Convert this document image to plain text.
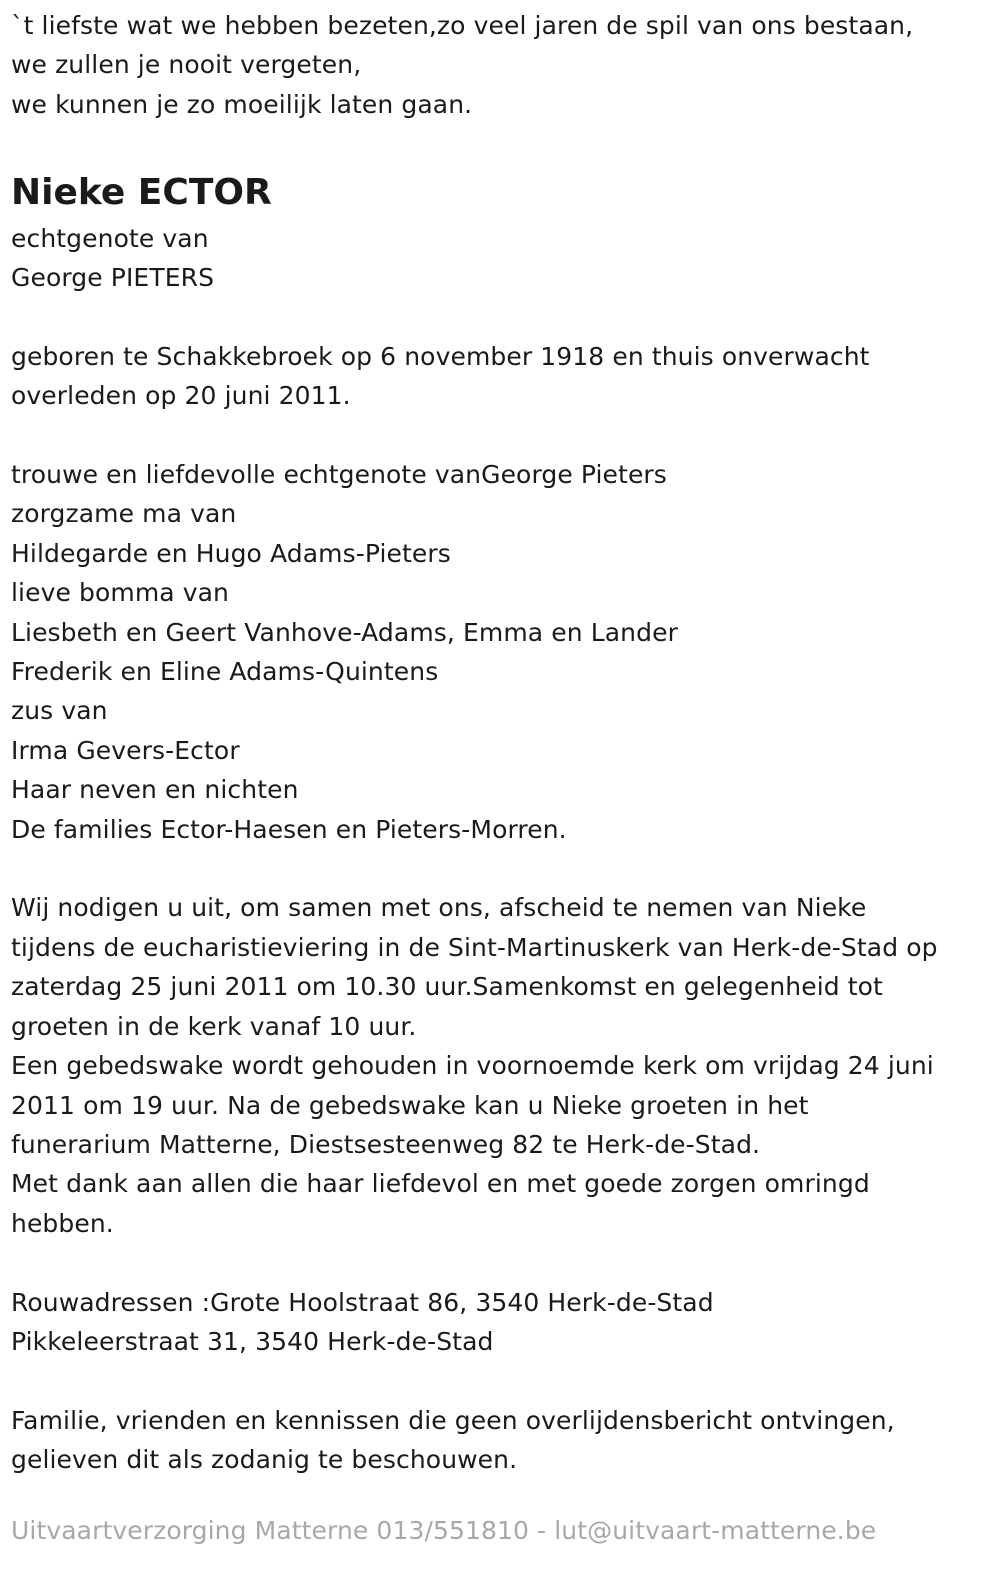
`t liefste wat we hebben bezeten,zo veel jaren de spil van ons bestaan,
we zullen je nooit vergeten,
we kunnen je zo moeilijk laten gaan.
Nieke ECTOR
echtgenote van
George PIETERS
geboren te Schakkebroek op 6 november 1918 en thuis onverwacht
overleden op 20 juni 2011.
trouwe en liefdevolle echtgenote vanGeorge Pieters
zorgzame ma van
Hildegarde en Hugo Adams-Pieters
lieve bomma van
Liesbeth en Geert Vanhove-Adams, Emma en Lander
Frederik en Eline Adams-Quintens
zus van
Irma Gevers-Ector
Haar neven en nichten
De families Ector-Haesen en Pieters-Morren.
Wij nodigen u uit, om samen met ons, afscheid te nemen van Nieke
tijdens de eucharistieviering in de Sint-Martinuskerk van Herk-de-Stad op
zaterdag 25 juni 2011 om 10.30 uur.Samenkomst en gelegenheid tot
groeten in de kerk vanaf 10 uur.
Een gebedswake wordt gehouden in voornoemde kerk om vrijdag 24 juni
2011 om 19 uur. Na de gebedswake kan u Nieke groeten in het
funerarium Matterne, Diestsesteenweg 82 te Herk-de-Stad.
Met dank aan allen die haar liefdevol en met goede zorgen omringd
hebben.
Rouwadressen :Grote Hoolstraat 86, 3540 Herk-de-Stad
Pikkeleerstraat 31, 3540 Herk-de-Stad
Familie, vrienden en kennissen die geen overlijdensbericht ontvingen,
gelieven dit als zodanig te beschouwen.
Uitvaartverzorging Matterne 013/551810 - lut@uitvaart-matterne.be
